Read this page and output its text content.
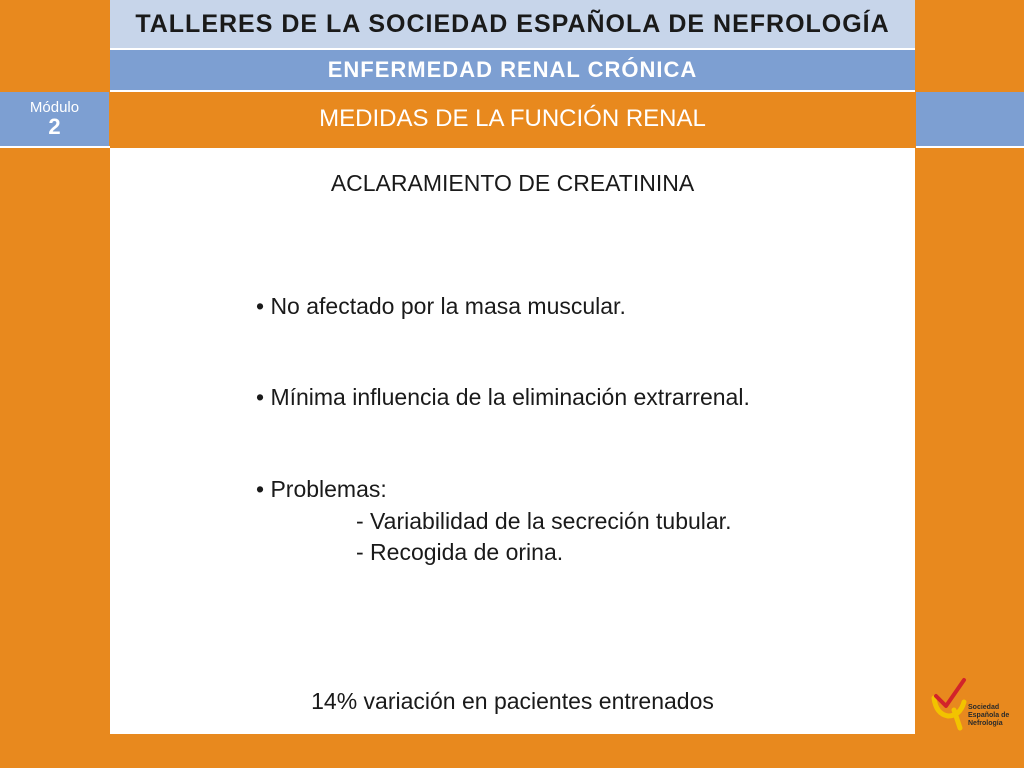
TALLERES DE LA SOCIEDAD ESPAÑOLA DE NEFROLOGÍA
ENFERMEDAD RENAL CRÓNICA
Módulo
2	MEDIDAS DE LA FUNCIÓN RENAL
ACLARAMIENTO DE CREATININA
• No afectado por la masa muscular.
• Mínima influencia de la eliminación extrarrenal.
• Problemas:
- Variabilidad de la secreción tubular.
- Recogida de orina.
14% variación en pacientes entrenados	Sociedad
Española de
Nefrología
